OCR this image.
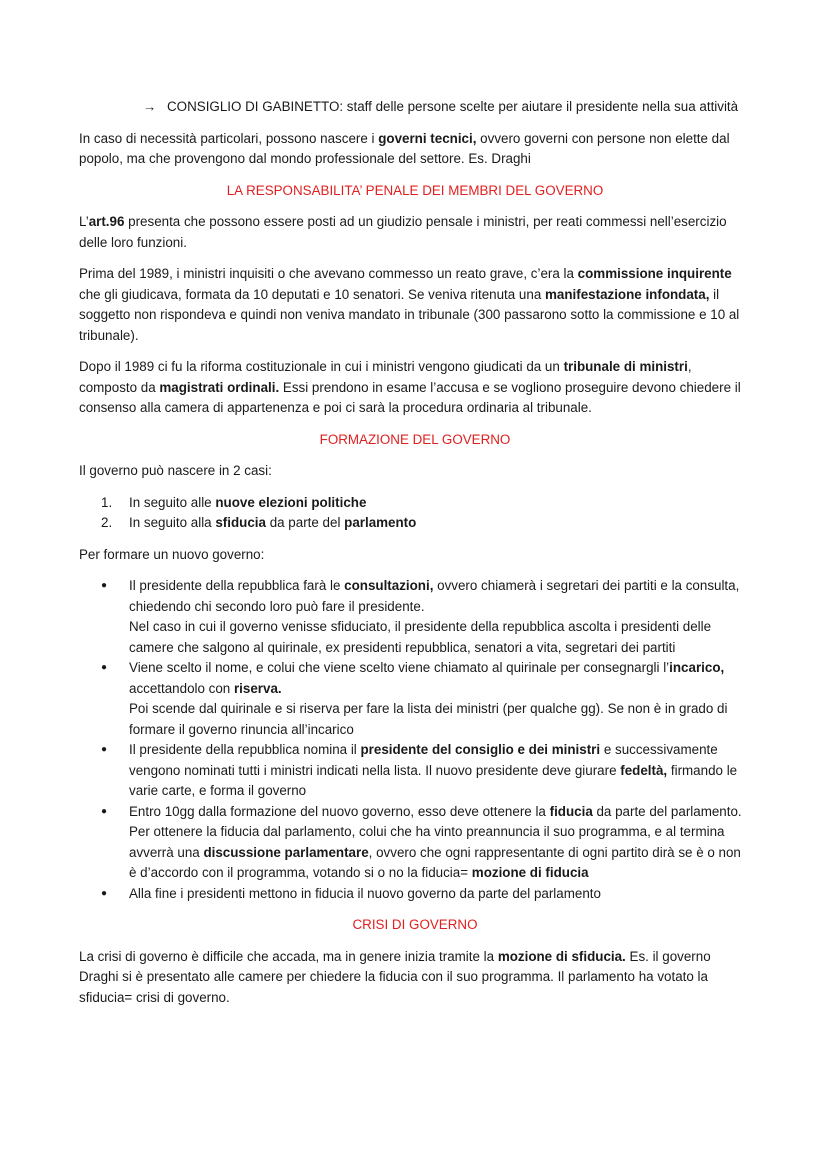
→ CONSIGLIO DI GABINETTO: staff delle persone scelte per aiutare il presidente nella sua attività

In caso di necessità particolari, possono nascere i governi tecnici, ovvero governi con persone non elette dal popolo, ma che provengono dal mondo professionale del settore. Es. Draghi

LA RESPONSABILITA’ PENALE DEI MEMBRI DEL GOVERNO

L’art.96 presenta che possono essere posti ad un giudizio pensale i ministri, per reati commessi nell’esercizio delle loro funzioni.

Prima del 1989, i ministri inquisiti o che avevano commesso un reato grave, c’era la commissione inquirente che gli giudicava, formata da 10 deputati e 10 senatori. Se veniva ritenuta una manifestazione infondata, il soggetto non rispondeva e quindi non veniva mandato in tribunale (300 passarono sotto la commissione e 10 al tribunale).

Dopo il 1989 ci fu la riforma costituzionale in cui i ministri vengono giudicati da un tribunale di ministri, composto da magistrati ordinali. Essi prendono in esame l’accusa e se vogliono proseguire devono chiedere il consenso alla camera di appartenenza e poi ci sarà la procedura ordinaria al tribunale.

FORMAZIONE DEL GOVERNO

Il governo può nascere in 2 casi:

1.	In seguito alle nuove elezioni politiche
2.	In seguito alla sfiducia da parte del parlamento

Per formare un nuovo governo:

●	Il presidente della repubblica farà le consultazioni, ovvero chiamerà i segretari dei partiti e la consulta, chiedendo chi secondo loro può fare il presidente.
Nel caso in cui il governo venisse sfiduciato, il presidente della repubblica ascolta i presidenti delle camere che salgono al quirinale, ex presidenti repubblica, senatori a vita, segretari dei partiti
●	Viene scelto il nome, e colui che viene scelto viene chiamato al quirinale per consegnargli l’incarico, accettandolo con riserva.
Poi scende dal quirinale e si riserva per fare la lista dei ministri (per qualche gg). Se non è in grado di formare il governo rinuncia all’incarico
●	Il presidente della repubblica nomina il presidente del consiglio e dei ministri e successivamente vengono nominati tutti i ministri indicati nella lista. Il nuovo presidente deve giurare fedeltà, firmando le varie carte, e forma il governo
●	Entro 10gg dalla formazione del nuovo governo, esso deve ottenere la fiducia da parte del parlamento.
Per ottenere la fiducia dal parlamento, colui che ha vinto preannuncia il suo programma, e al termina avverrà una discussione parlamentare, ovvero che ogni rappresentante di ogni partito dirà se è o non è d’accordo con il programma, votando si o no la fiducia= mozione di fiducia
●	Alla fine i presidenti mettono in fiducia il nuovo governo da parte del parlamento
CRISI DI GOVERNO

La crisi di governo è difficile che accada, ma in genere inizia tramite la mozione di sfiducia. Es. il governo Draghi si è presentato alle camere per chiedere la fiducia con il suo programma. Il parlamento ha votato la sfiducia= crisi di governo.
